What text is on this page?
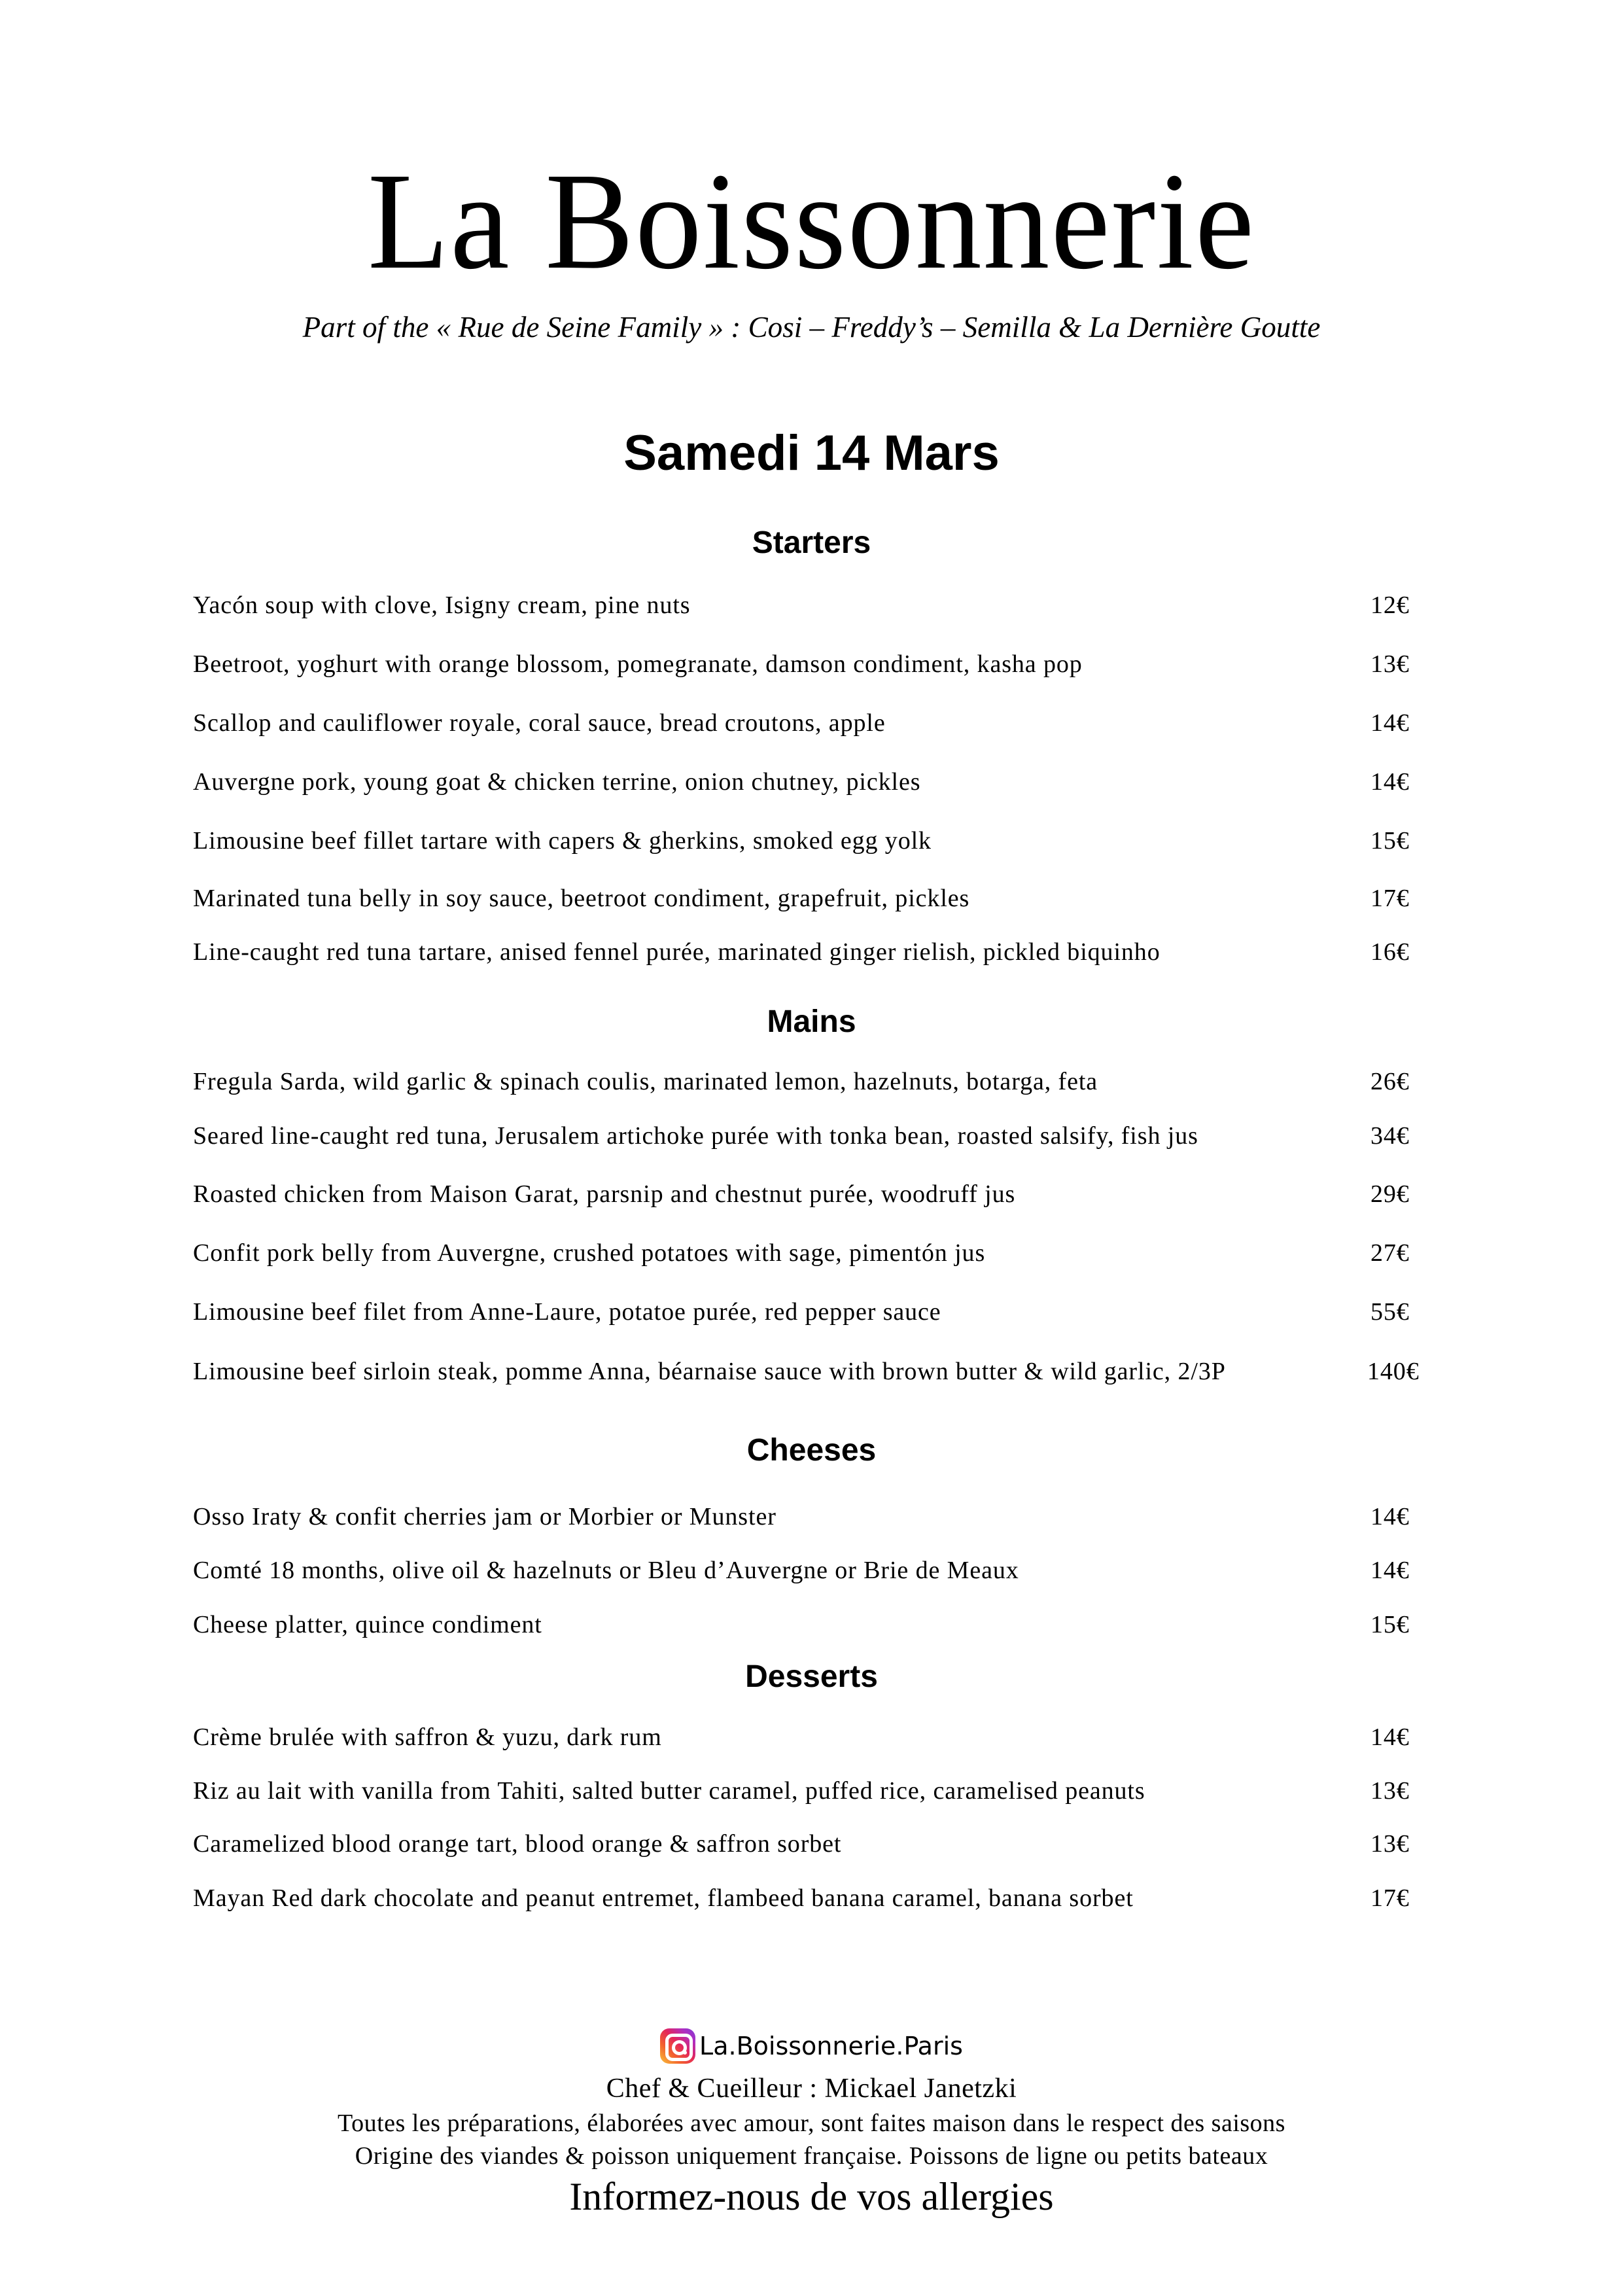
La Boissonnerie
Part of the « Rue de Seine Family » : Cosi – Freddy’s – Semilla & La Dernière Goutte
Samedi 14 Mars
Starters
Yacón soup with clove, Isigny cream, pine nuts	12€
Beetroot, yoghurt with orange blossom, pomegranate, damson condiment, kasha pop	13€
Scallop and cauliflower royale, coral sauce, bread croutons, apple	14€
Auvergne pork, young goat & chicken terrine, onion chutney, pickles	14€
Limousine beef fillet tartare with capers & gherkins, smoked egg yolk	15€
Marinated tuna belly in soy sauce, beetroot condiment, grapefruit, pickles	17€
Line-caught red tuna tartare, anised fennel purée, marinated ginger rielish, pickled biquinho	16€
Mains
Fregula Sarda, wild garlic & spinach coulis, marinated lemon, hazelnuts, botarga, feta	26€
Seared line-caught red tuna, Jerusalem artichoke purée with tonka bean, roasted salsify, fish jus	34€
Roasted chicken from Maison Garat, parsnip and chestnut purée, woodruff jus	29€
Confit pork belly from Auvergne, crushed potatoes with sage, pimentón jus	27€
Limousine beef filet from Anne-Laure, potatoe purée, red pepper sauce	55€
Limousine beef sirloin steak, pomme Anna, béarnaise sauce with brown butter & wild garlic, 2/3P	140€
Cheeses
Osso Iraty & confit cherries jam or Morbier or Munster	14€
Comté 18 months, olive oil & hazelnuts or Bleu d’Auvergne or Brie de Meaux	14€
Cheese platter, quince condiment	15€
Desserts
Crème brulée with saffron & yuzu, dark rum	14€
Riz au lait with vanilla from Tahiti, salted butter caramel, puffed rice, caramelised peanuts	13€
Caramelized blood orange tart, blood orange & saffron sorbet	13€
Mayan Red dark chocolate and peanut entremet, flambeed banana caramel, banana sorbet	17€
La.Boissonnerie.Paris
Chef & Cueilleur : Mickael Janetzki
Toutes les préparations, élaborées avec amour, sont faites maison dans le respect des saisons
Origine des viandes & poisson uniquement française. Poissons de ligne ou petits bateaux
Informez-nous de vos allergies
